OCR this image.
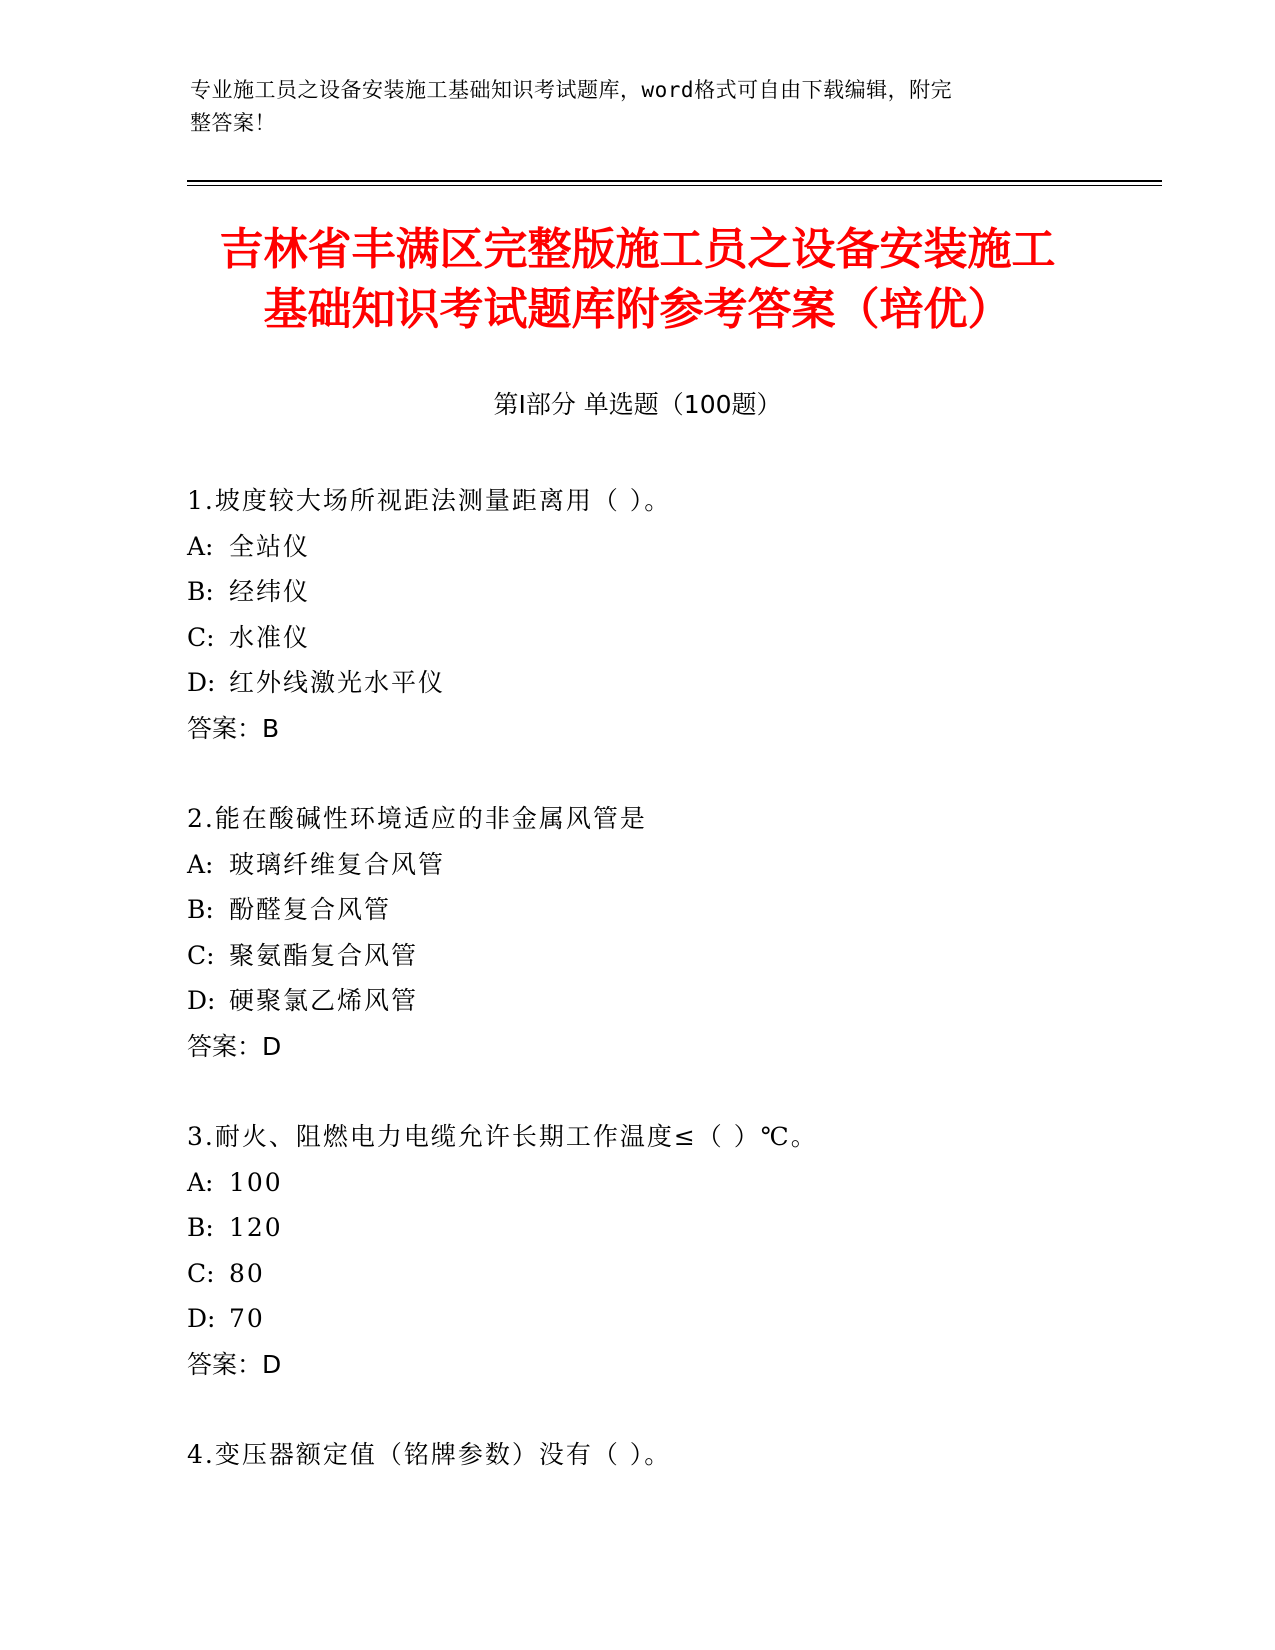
专业施工员之设备安装施工基础知识考试题库，word格式可自由下载编辑，附完
整答案！
吉林省丰满区完整版施工员之设备安装施工
基础知识考试题库附参考答案（培优）
第Ⅰ部分 单选题（100题）
1.坡度较大场所视距法测量距离用（ ）。
A: 全站仪
B: 经纬仪
C: 水准仪
D: 红外线激光水平仪
答案：B
2.能在酸碱性环境适应的非金属风管是
A: 玻璃纤维复合风管
B: 酚醛复合风管
C: 聚氨酯复合风管
D: 硬聚氯乙烯风管
答案：D
3.耐火、阻燃电力电缆允许长期工作温度≤（ ）℃。
A: 100
B: 120
C: 80
D: 70
答案：D
4.变压器额定值（铭牌参数）没有（ ）。
